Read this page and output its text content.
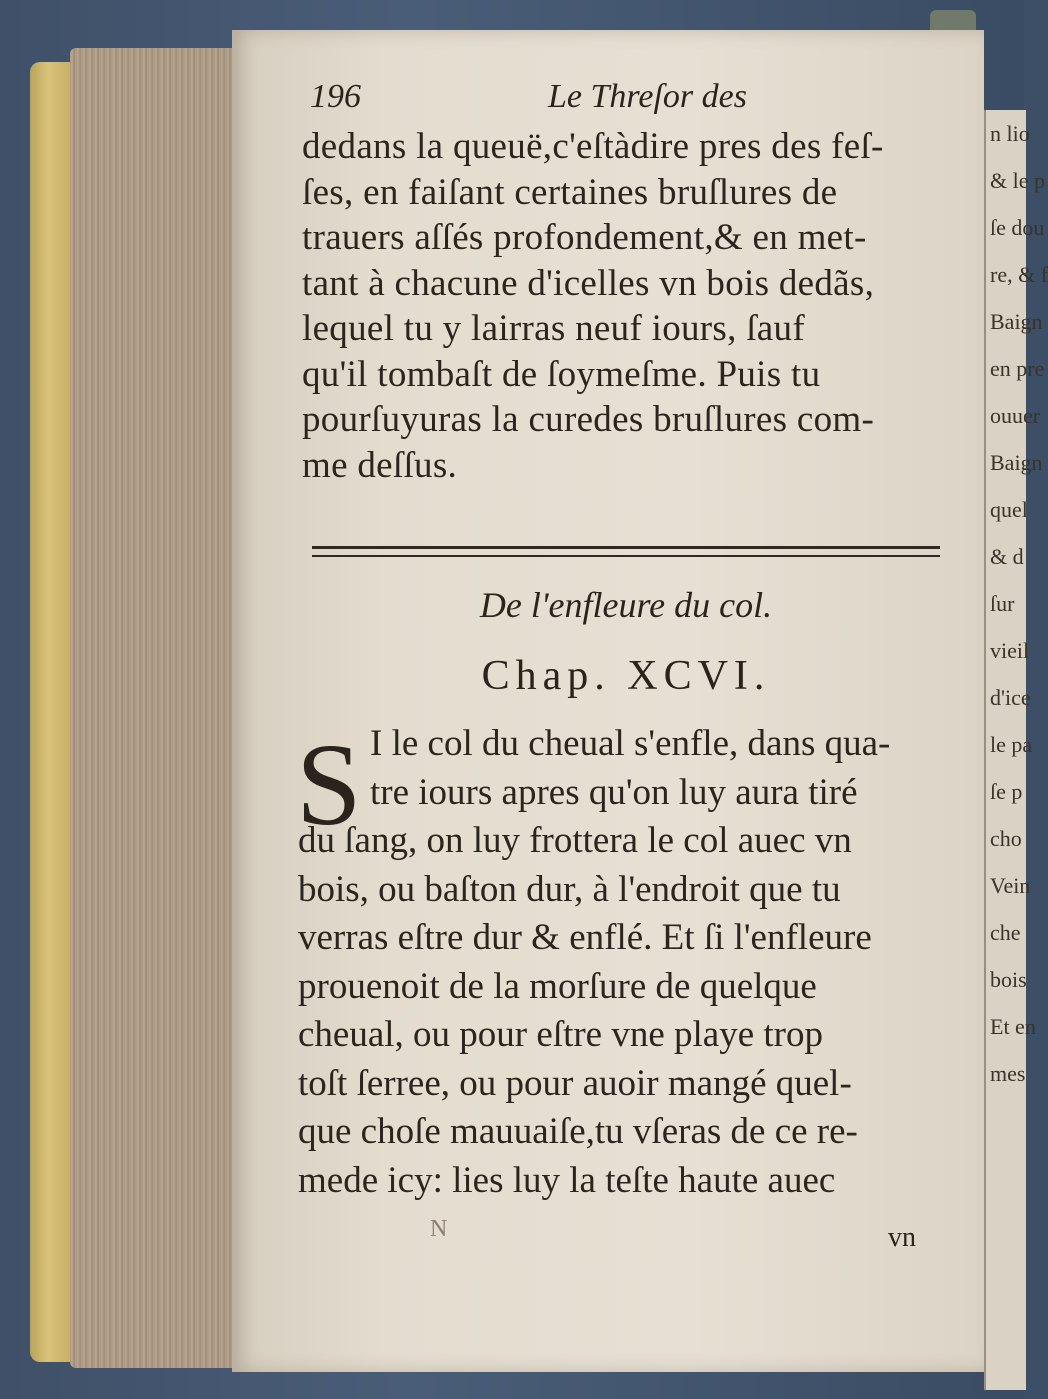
n lio
& le p
ſe dou
re, & f
Baign
en pre
ouuer
Baign
quel
& d
ſur
vieil
d'ice
le pa
ſe p
cho
Vein
che
bois
Et en
mes
196	Le Threſor des
dedans la queuë,c'eſtàdire pres des feſ-
ſes, en faiſant certaines bruſlures de
trauers aſſés profondement,& en met-
tant à chacune d'icelles vn bois dedãs,
lequel tu y lairras neuf iours, ſauf
qu'il tombaſt de ſoymeſme. Puis tu
pourſuyuras la curedes bruſlures com-
me deſſus.
De l'enfleure du col.
Chap. XCVI.
S I le col du cheual s'enfle, dans qua-
tre iours apres qu'on luy aura tiré
du ſang, on luy frottera le col auec vn
bois, ou baſton dur, à l'endroit que tu
verras eſtre dur & enflé. Et ſi l'enfleure
prouenoit de la morſure de quelque
cheual, ou pour eſtre vne playe trop
toſt ſerree, ou pour auoir mangé quel-
que choſe mauuaiſe,tu vſeras de ce re-
mede icy: lies luy la teſte haute auec
N	vn
